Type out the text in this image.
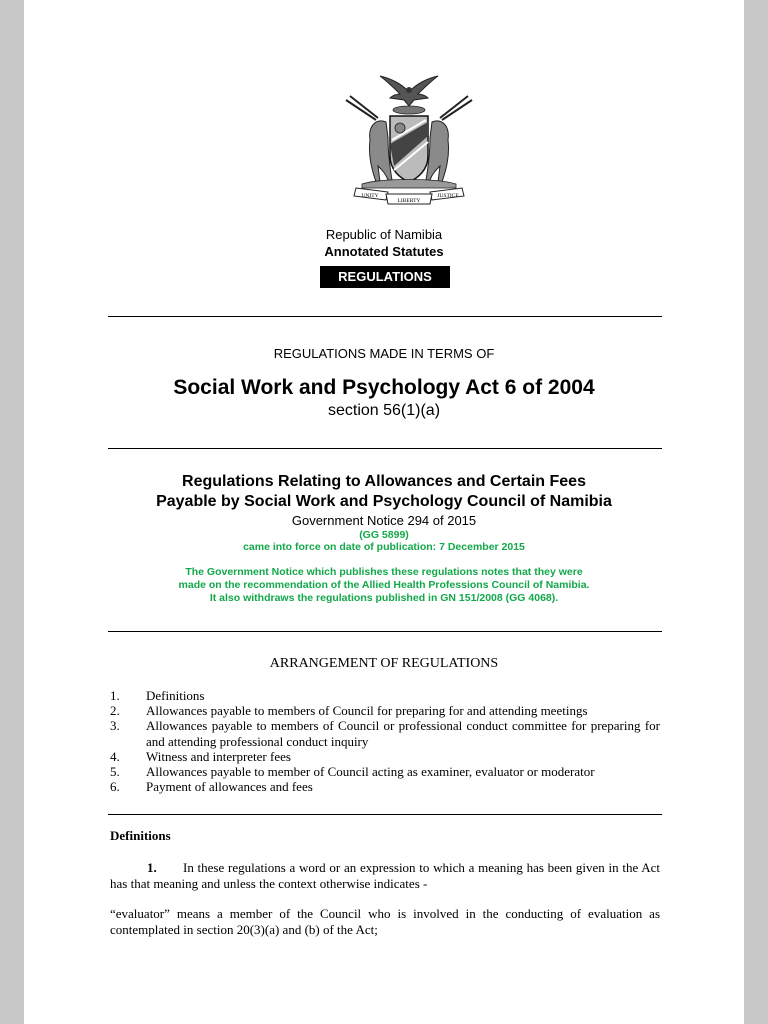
UNITY
LIBERTY
JUSTICE
Republic of Namibia
Annotated Statutes
REGULATIONS
REGULATIONS MADE IN TERMS OF
Social Work and Psychology Act 6 of 2004
section 56(1)(a)
Regulations Relating to Allowances and Certain Fees
Payable by Social Work and Psychology Council of Namibia
Government Notice 294 of 2015
(GG 5899)
came into force on date of publication: 7 December 2015
The Government Notice which publishes these regulations notes that they were
made on the recommendation of the Allied Health Professions Council of Namibia.
It also withdraws the regulations published in GN 151/2008 (GG 4068).
ARRANGEMENT OF REGULATIONS
1.	Definitions
2.	Allowances payable to members of Council for preparing for and attending meetings
3.	Allowances payable to members of Council or professional conduct committee for preparing for and attending professional conduct inquiry
4.	Witness and interpreter fees
5.	Allowances payable to member of Council acting as examiner, evaluator or moderator
6.	Payment of allowances and fees
Definitions
1. In these regulations a word or an expression to which a meaning has been given in the Act has that meaning and unless the context otherwise indicates -
“evaluator” means a member of the Council who is involved in the conducting of evaluation as contemplated in section 20(3)(a) and (b) of the Act;
